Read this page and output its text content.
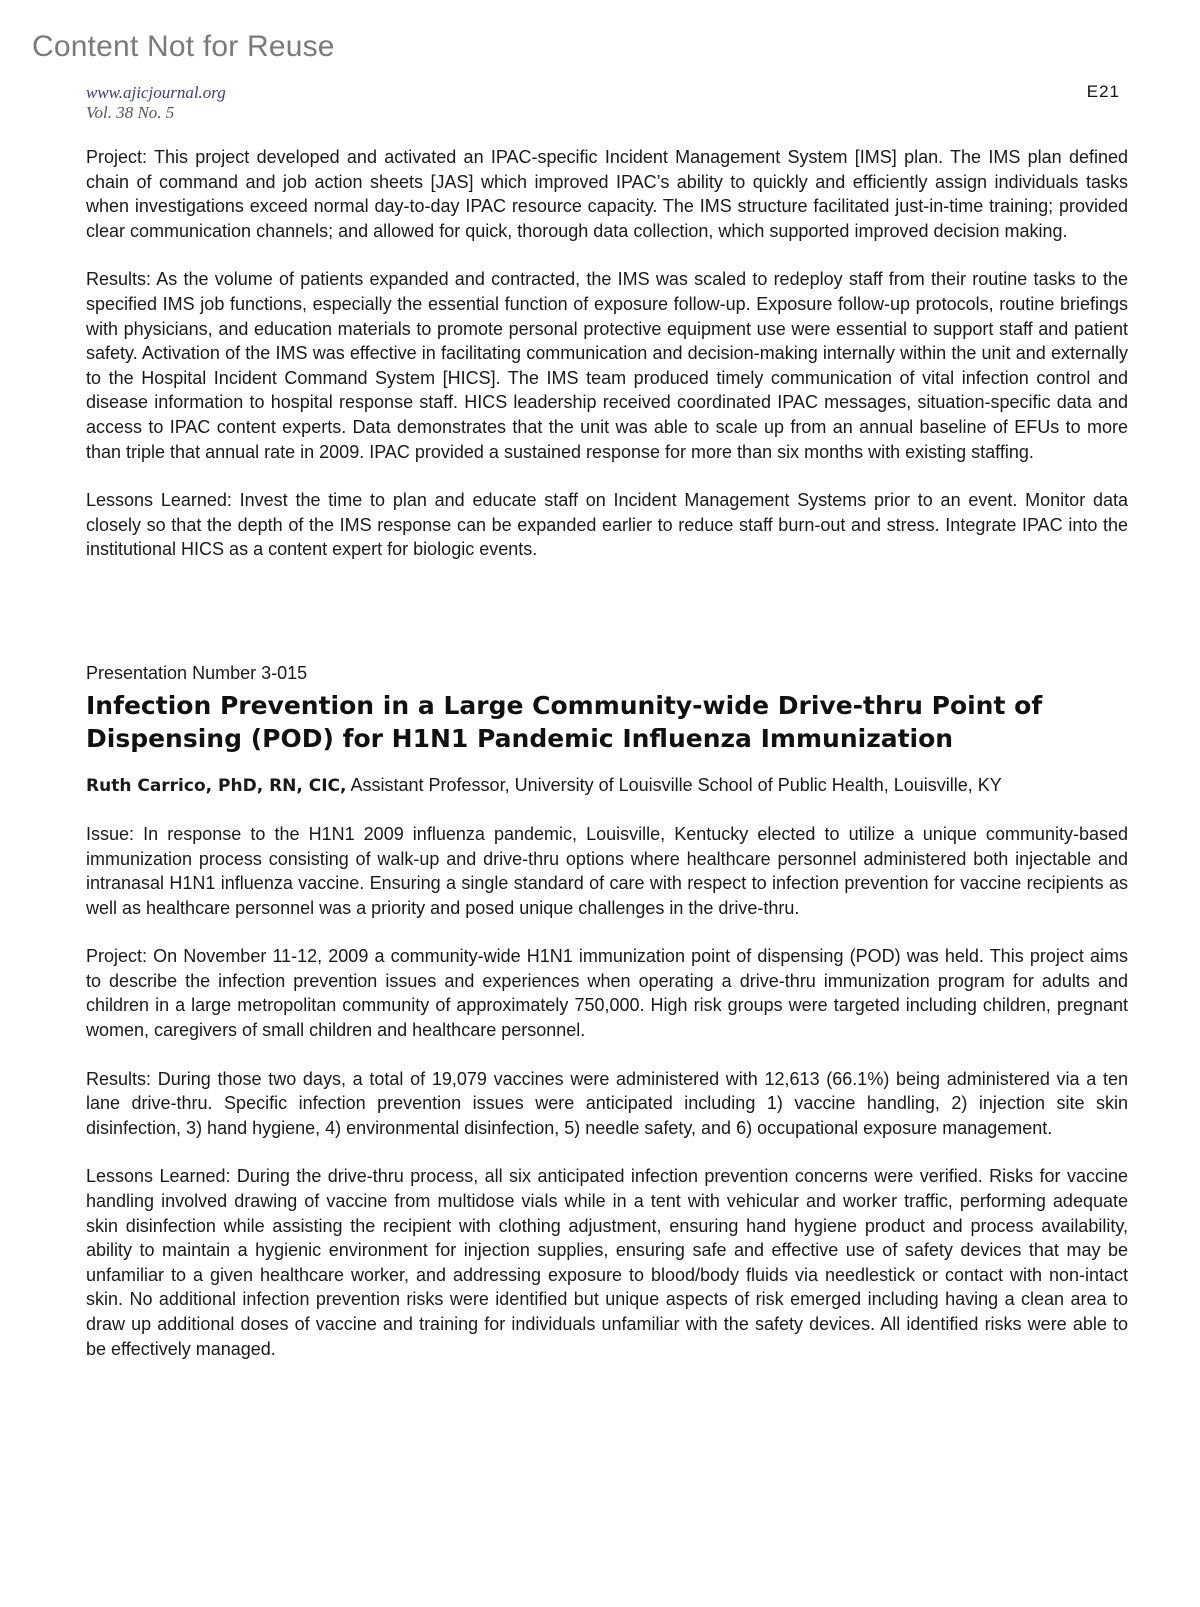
Content Not for Reuse
www.ajicjournal.org
Vol. 38 No. 5
E21

Project: This project developed and activated an IPAC-specific Incident Management System [IMS] plan. The IMS plan defined chain of command and job action sheets [JAS] which improved IPAC’s ability to quickly and efficiently assign individuals tasks when investigations exceed normal day-to-day IPAC resource capacity. The IMS structure facilitated just-in-time training; provided clear communication channels; and allowed for quick, thorough data collection, which supported improved decision making.

Results: As the volume of patients expanded and contracted, the IMS was scaled to redeploy staff from their routine tasks to the specified IMS job functions, especially the essential function of exposure follow-up. Exposure follow-up protocols, routine briefings with physicians, and education materials to promote personal protective equipment use were essential to support staff and patient safety. Activation of the IMS was effective in facilitating communication and decision-making internally within the unit and externally to the Hospital Incident Command System [HICS]. The IMS team produced timely communication of vital infection control and disease information to hospital response staff. HICS leadership received coordinated IPAC messages, situation-specific data and access to IPAC content experts. Data demonstrates that the unit was able to scale up from an annual baseline of EFUs to more than triple that annual rate in 2009. IPAC provided a sustained response for more than six months with existing staffing.

Lessons Learned: Invest the time to plan and educate staff on Incident Management Systems prior to an event. Monitor data closely so that the depth of the IMS response can be expanded earlier to reduce staff burn-out and stress. Integrate IPAC into the institutional HICS as a content expert for biologic events.

Presentation Number 3-015
Infection Prevention in a Large Community-wide Drive-thru Point of Dispensing (POD) for H1N1 Pandemic Influenza Immunization
Ruth Carrico, PhD, RN, CIC, Assistant Professor, University of Louisville School of Public Health, Louisville, KY

Issue: In response to the H1N1 2009 influenza pandemic, Louisville, Kentucky elected to utilize a unique community-based immunization process consisting of walk-up and drive-thru options where healthcare personnel administered both injectable and intranasal H1N1 influenza vaccine. Ensuring a single standard of care with respect to infection prevention for vaccine recipients as well as healthcare personnel was a priority and posed unique challenges in the drive-thru.

Project: On November 11-12, 2009 a community-wide H1N1 immunization point of dispensing (POD) was held. This project aims to describe the infection prevention issues and experiences when operating a drive-thru immunization program for adults and children in a large metropolitan community of approximately 750,000. High risk groups were targeted including children, pregnant women, caregivers of small children and healthcare personnel.

Results: During those two days, a total of 19,079 vaccines were administered with 12,613 (66.1%) being administered via a ten lane drive-thru. Specific infection prevention issues were anticipated including 1) vaccine handling, 2) injection site skin disinfection, 3) hand hygiene, 4) environmental disinfection, 5) needle safety, and 6) occupational exposure management.

Lessons Learned: During the drive-thru process, all six anticipated infection prevention concerns were verified. Risks for vaccine handling involved drawing of vaccine from multidose vials while in a tent with vehicular and worker traffic, performing adequate skin disinfection while assisting the recipient with clothing adjustment, ensuring hand hygiene product and process availability, ability to maintain a hygienic environment for injection supplies, ensuring safe and effective use of safety devices that may be unfamiliar to a given healthcare worker, and addressing exposure to blood/body fluids via needlestick or contact with non-intact skin. No additional infection prevention risks were identified but unique aspects of risk emerged including having a clean area to draw up additional doses of vaccine and training for individuals unfamiliar with the safety devices. All identified risks were able to be effectively managed.
